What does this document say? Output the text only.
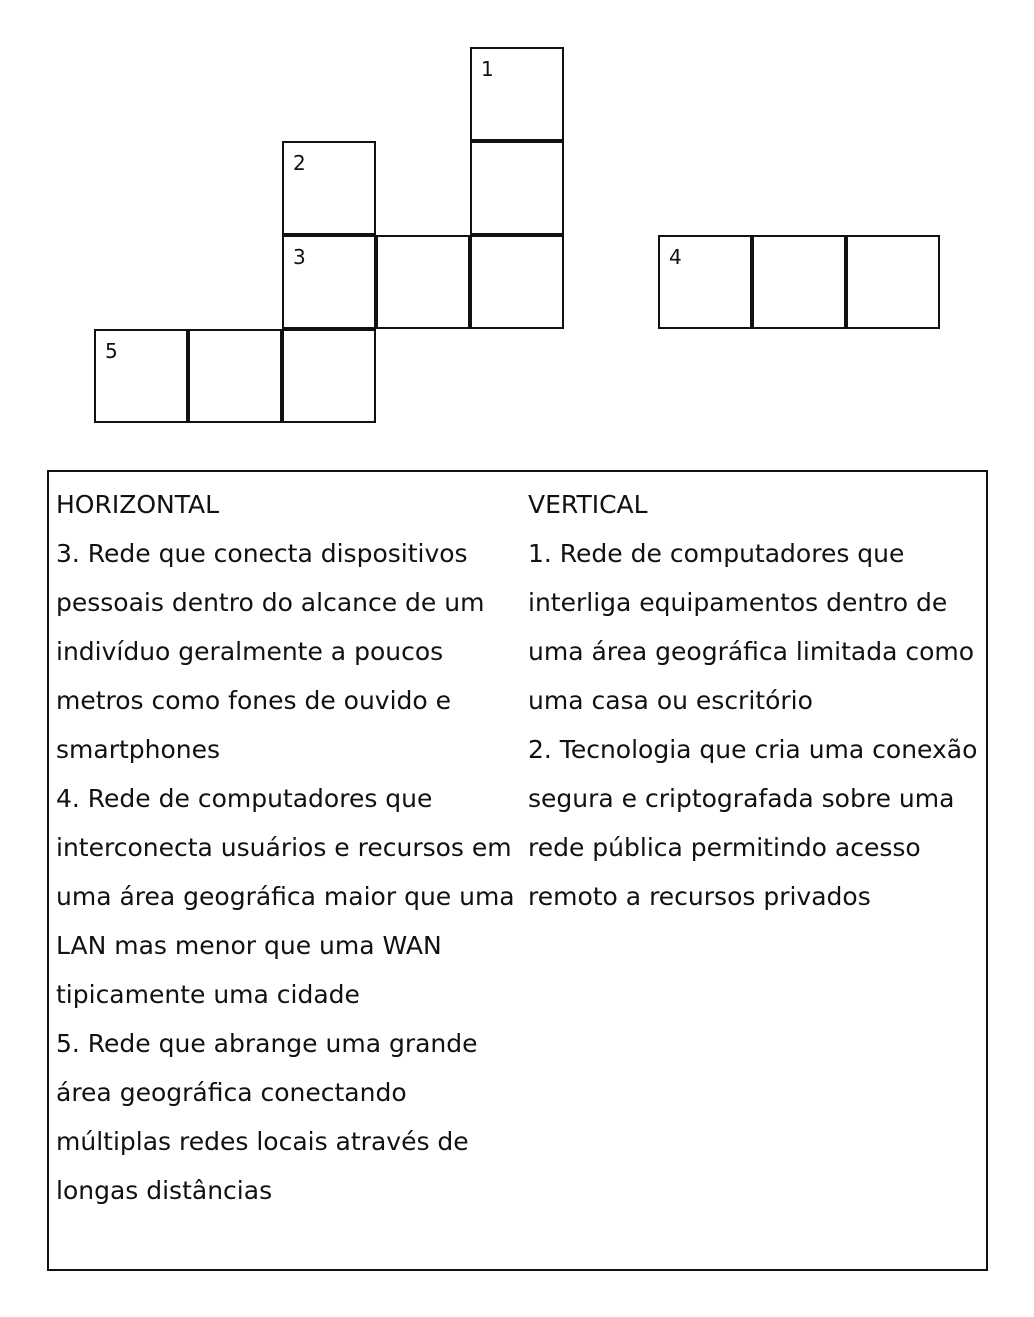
1
2
3	4
5
HORIZONTAL
3. Rede que conecta dispositivos pessoais dentro do alcance de um indivíduo geralmente a poucos metros como fones de ouvido e smartphones
4. Rede de computadores que interconecta usuários e recursos em uma área geográfica maior que uma LAN mas menor que uma WAN tipicamente uma cidade
5. Rede que abrange uma grande área geográfica conectando múltiplas redes locais através de longas distâncias
VERTICAL
1. Rede de computadores que interliga equipamentos dentro de uma área geográfica limitada como uma casa ou escritório
2. Tecnologia que cria uma conexão segura e criptografada sobre uma rede pública permitindo acesso remoto a recursos privados
